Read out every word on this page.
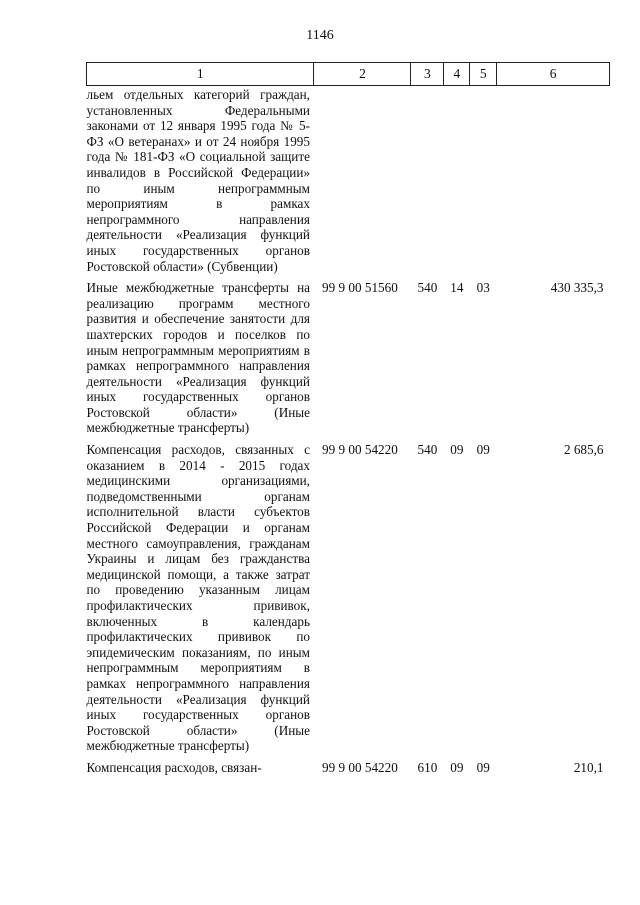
1146
1	2	3	4	5	6
льем отдельных категорий граждан, установленных Федеральными законами от 12 января 1995 года № 5-ФЗ «О ветеранах» и от 24 ноября 1995 года № 181-ФЗ «О социальной защите инвалидов в Российской Федерации» по иным непрограммным мероприятиям в рамках непрограммного направления деятельности «Реализация функций иных государственных органов Ростовской области» (Субвенции)					
Иные межбюджетные трансферты на реализацию программ местного развития и обеспечение занятости для шахтерских городов и поселков по иным непрограммным мероприятиям в рамках непрограммного направления деятельности «Реализация функций иных государственных органов Ростовской области» (Иные межбюджетные трансферты)	99 9 00 51560	540	14	03	430 335,3
Компенсация расходов, связанных с оказанием в 2014 - 2015 годах медицинскими организациями, подведомственными органам исполнительной власти субъектов Российской Федерации и органам местного самоуправления, гражданам Украины и лицам без гражданства медицинской помощи, а также затрат по проведению указанным лицам профилактических прививок, включенных в календарь профилактических прививок по эпидемическим показаниям, по иным непрограммным мероприятиям в рамках непрограммного направления деятельности «Реализация функций иных государственных органов Ростовской области» (Иные межбюджетные трансферты)	99 9 00 54220	540	09	09	2 685,6
Компенсация расходов, связан-	99 9 00 54220	610	09	09	210,1
